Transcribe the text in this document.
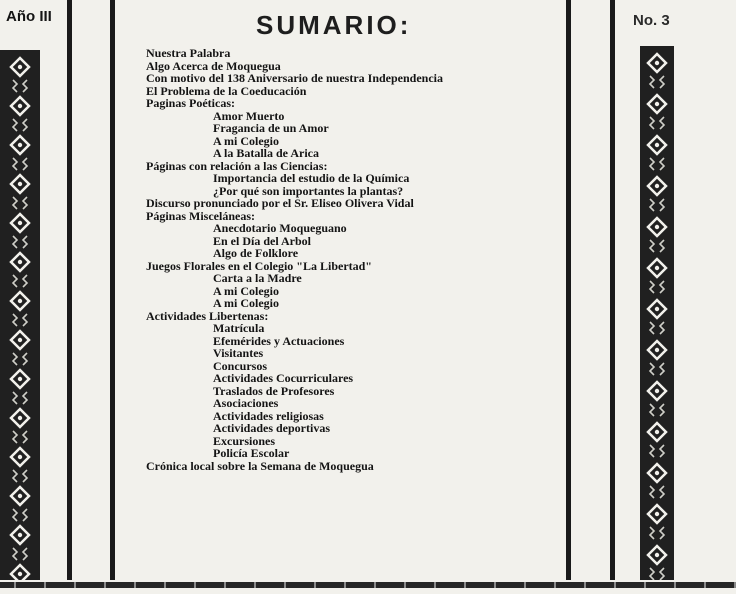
Año III	No. 3
SUMARIO:
Nuestra Palabra
Algo Acerca de Moquegua
Con motivo del 138 Aniversario de nuestra Independencia
El Problema de la Coeducación
Paginas Poéticas:
Amor Muerto
Fragancia de un Amor
A mi Colegio
A la Batalla de Arica
Páginas con relación a las Ciencias:
Importancia del estudio de la Química
¿Por qué son importantes la plantas?
Discurso pronunciado por el Sr. Eliseo Olivera Vidal
Páginas Misceláneas:
Anecdotario Moqueguano
En el Día del Arbol
Algo de Folklore
Juegos Florales en el Colegio "La Libertad"
Carta a la Madre
A mi Colegio
A mi Colegio
Actividades Libertenas:
Matrícula
Efemérides y Actuaciones
Visitantes
Concursos
Actividades Cocurriculares
Traslados de Profesores
Asociaciones
Actividades religiosas
Actividades deportivas
Excursiones
Policía Escolar
Crónica local sobre la Semana de Moquegua
